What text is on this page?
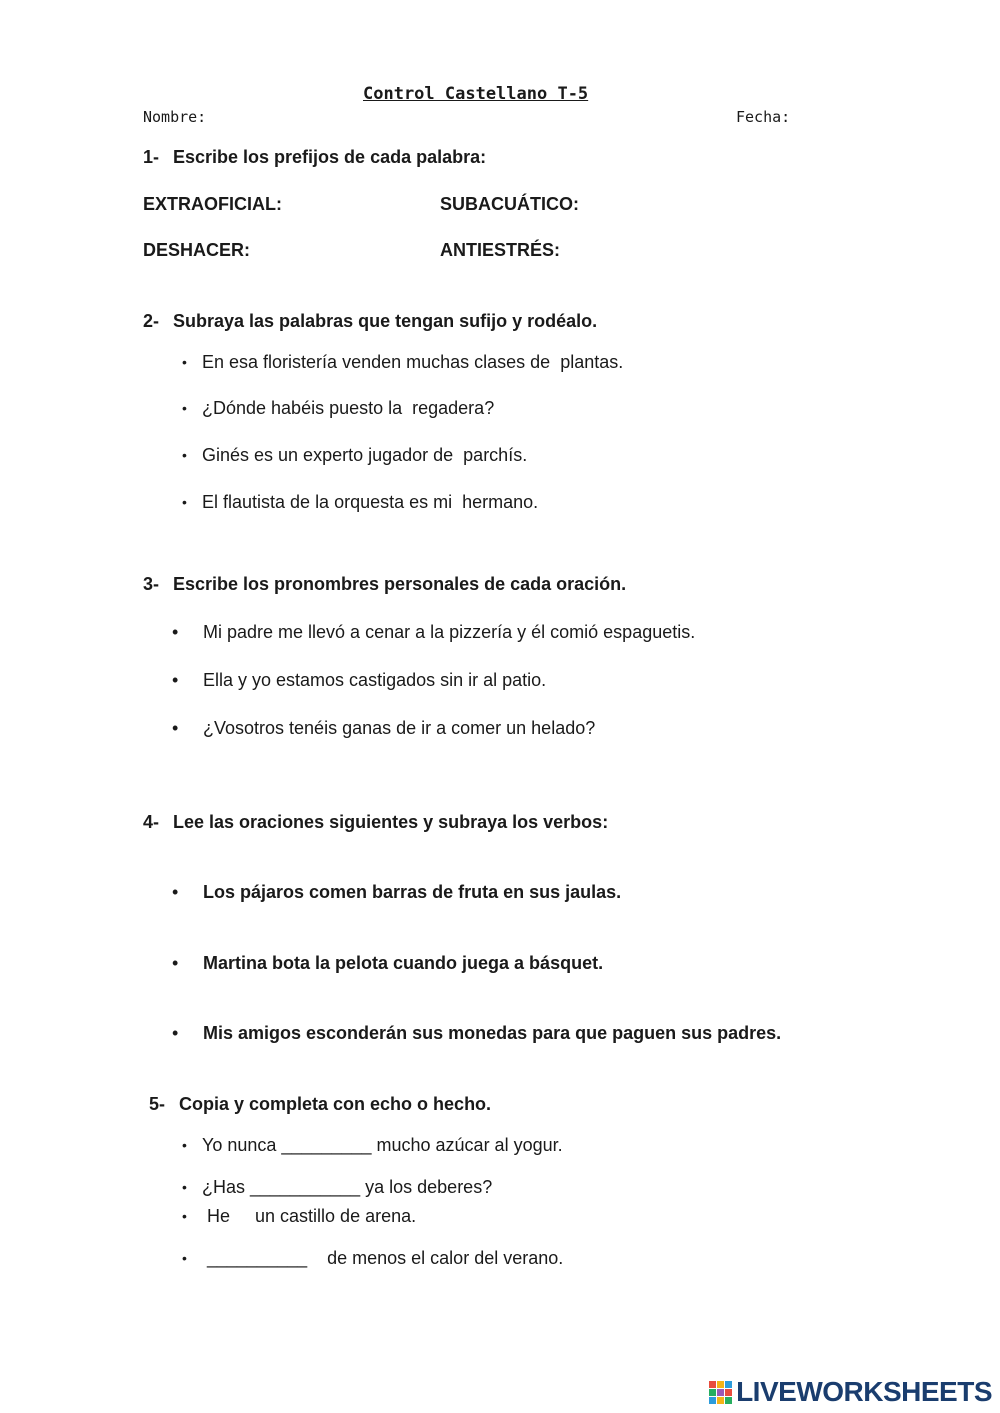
Control Castellano T-5
Nombre:	Fecha:
1- Escribe los prefijos de cada palabra:
EXTRAOFICIAL:	SUBACUÁTICO:
DESHACER:	ANTIESTRÉS:
2- Subraya las palabras que tengan sufijo y rodéalo.
• En esa floristería venden muchas clases de  plantas.
• ¿Dónde habéis puesto la  regadera?
• Ginés es un experto jugador de  parchís.
• El flautista de la orquesta es mi  hermano.
3- Escribe los pronombres personales de cada oración.
• Mi padre me llevó a cenar a la pizzería y él comió espaguetis.
• Ella y yo estamos castigados sin ir al patio.
• ¿Vosotros tenéis ganas de ir a comer un helado?
4- Lee las oraciones siguientes y subraya los verbos:
• Los pájaros comen barras de fruta en sus jaulas.
• Martina bota la pelota cuando juega a básquet.
• Mis amigos esconderán sus monedas para que paguen sus padres.
5- Copia y completa con echo o hecho.
• Yo nunca _________ mucho azúcar al yogur.
• ¿Has ___________ ya los deberes?
• He     un castillo de arena.
• __________    de menos el calor del verano.
LIVEWORKSHEETS
